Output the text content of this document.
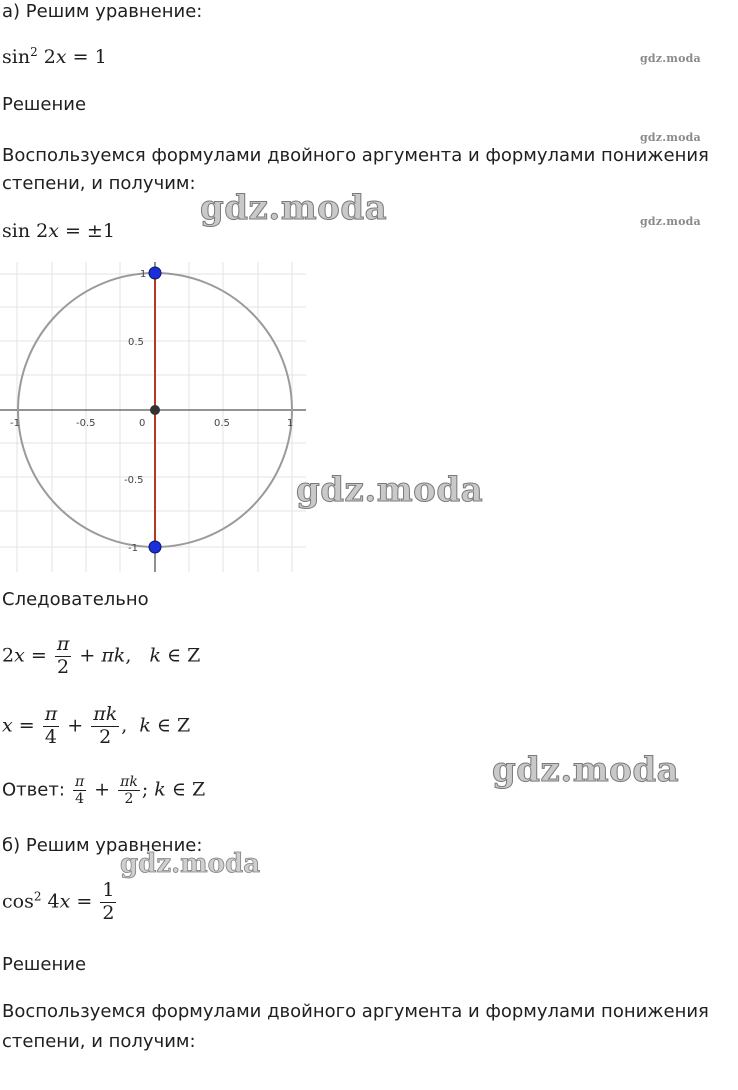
а) Решим уравнение:
$\sin^2 2x = 1$
Решение
Воспользуемся формулами двойного аргумента и формулами понижения
степени, и получим:
sin 2x = ±1
-1	-0.5	0	0.5	1
1
0.5
-0.5
-1
Следовательно
$2x = \frac{\pi}{2} + \pi k$,   k ∈ Z
$x = \frac{\pi}{4} + \frac{\pi k}{2}$ ,  k ∈ Z
Ответ: $\frac{\pi}{4} + \frac{\pi k}{2}$ ; k ∈ Z
б) Решим уравнение:
$\cos^2 4x = \frac{1}{2}$
Решение
Воспользуемся формулами двойного аргумента и формулами понижения
степени, и получим:
gdz.moda
gdz.moda
gdz.moda
gdz.moda
gdz.moda
gdz.moda
gdz.moda
